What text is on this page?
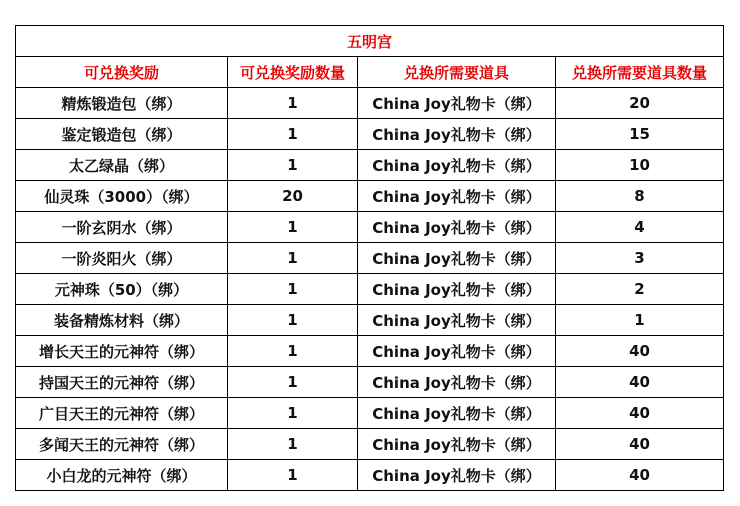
五明宫			
可兑换奖励	可兑换奖励数量	兑换所需要道具	兑换所需要道具数量
精炼锻造包（绑）	1	China Joy礼物卡（绑）	20
鉴定锻造包（绑）	1	China Joy礼物卡（绑）	15
太乙绿晶（绑）	1	China Joy礼物卡（绑）	10
仙灵珠（3000）（绑）	20	China Joy礼物卡（绑）	8
一阶玄阴水（绑）	1	China Joy礼物卡（绑）	4
一阶炎阳火（绑）	1	China Joy礼物卡（绑）	3
元神珠（50）（绑）	1	China Joy礼物卡（绑）	2
装备精炼材料（绑）	1	China Joy礼物卡（绑）	1
增长天王的元神符（绑）	1	China Joy礼物卡（绑）	40
持国天王的元神符（绑）	1	China Joy礼物卡（绑）	40
广目天王的元神符（绑）	1	China Joy礼物卡（绑）	40
多闻天王的元神符（绑）	1	China Joy礼物卡（绑）	40
小白龙的元神符（绑）	1	China Joy礼物卡（绑）	40
